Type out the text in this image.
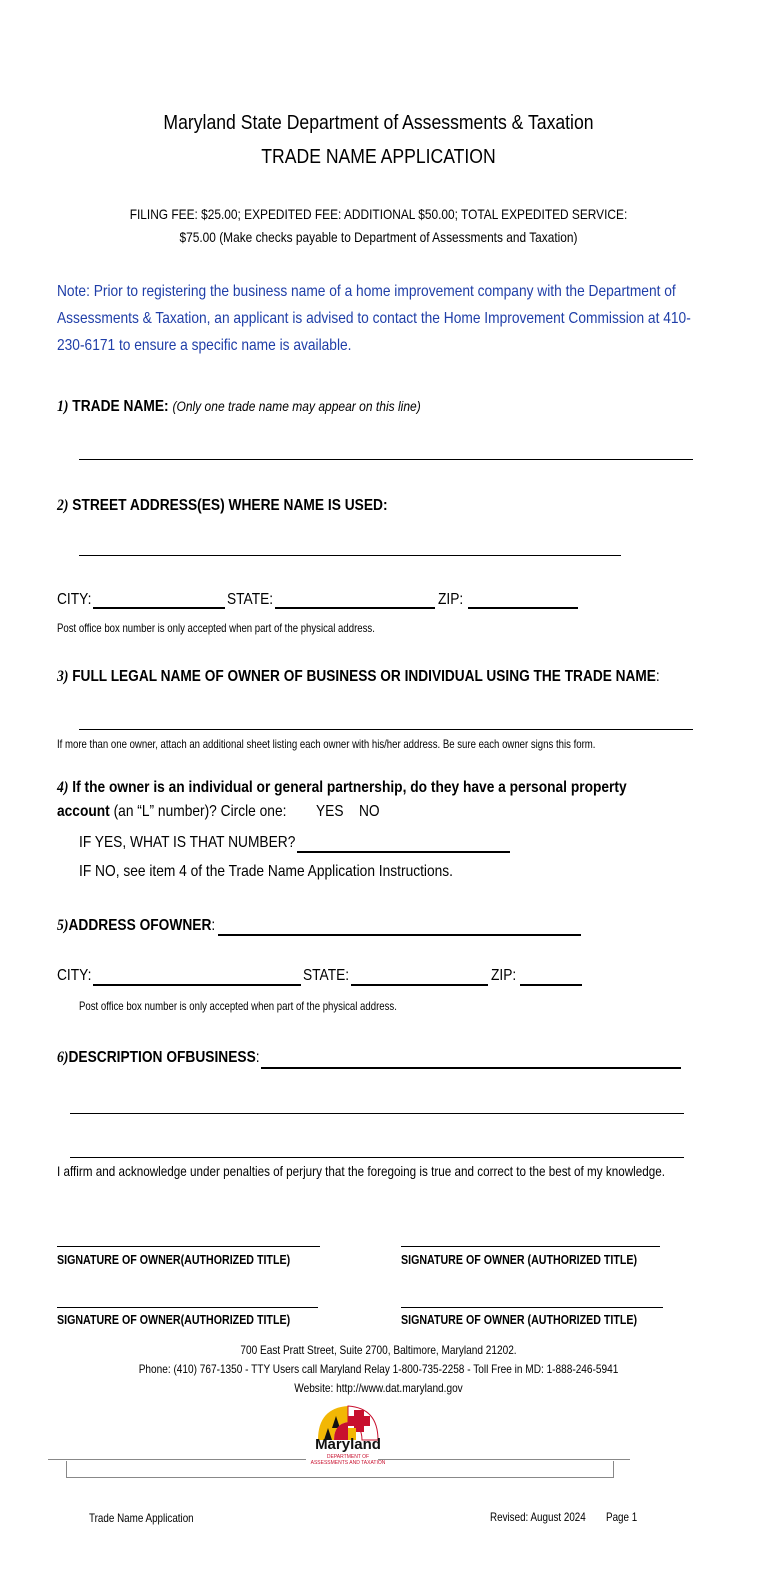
Maryland State Department of Assessments & Taxation
TRADE NAME APPLICATION
FILING FEE: $25.00; EXPEDITED FEE: ADDITIONAL $50.00; TOTAL EXPEDITED SERVICE:
$75.00 (Make checks payable to Department of Assessments and Taxation)
Note: Prior to registering the business name of a home improvement company with the Department of
Assessments & Taxation, an applicant is advised to contact the Home Improvement Commission at 410-
230-6171 to ensure a specific name is available.
1) TRADE NAME: (Only one trade name may appear on this line)
2) STREET ADDRESS(ES) WHERE NAME IS USED:
CITY:	STATE:	ZIP:
Post office box number is only accepted when part of the physical address.
3) FULL LEGAL NAME OF OWNER OF BUSINESS OR INDIVIDUAL USING THE TRADE NAME:
If more than one owner, attach an additional sheet listing each owner with his/her address. Be sure each owner signs this form.
4) If the owner is an individual or general partnership, do they have a personal property
account (an “L” number)? Circle one: YES NO
IF YES, WHAT IS THAT NUMBER?
IF NO, see item 4 of the Trade Name Application Instructions.
5)ADDRESS OFOWNER:
CITY:	STATE:	ZIP:
Post office box number is only accepted when part of the physical address.
6)DESCRIPTION OFBUSINESS:
I affirm and acknowledge under penalties of perjury that the foregoing is true and correct to the best of my knowledge.
SIGNATURE OF OWNER(AUTHORIZED TITLE)	SIGNATURE OF OWNER (AUTHORIZED TITLE)
SIGNATURE OF OWNER(AUTHORIZED TITLE)	SIGNATURE OF OWNER (AUTHORIZED TITLE)
700 East Pratt Street, Suite 2700, Baltimore, Maryland 21202.
Phone: (410) 767-1350 - TTY Users call Maryland Relay 1-800-735-2258 - Toll Free in MD: 1-888-246-5941
Website: http://www.dat.maryland.gov
Maryland
DEPARTMENT OF
ASSESSMENTS AND TAXATION
Trade Name Application	Revised: August 2024 Page 1
